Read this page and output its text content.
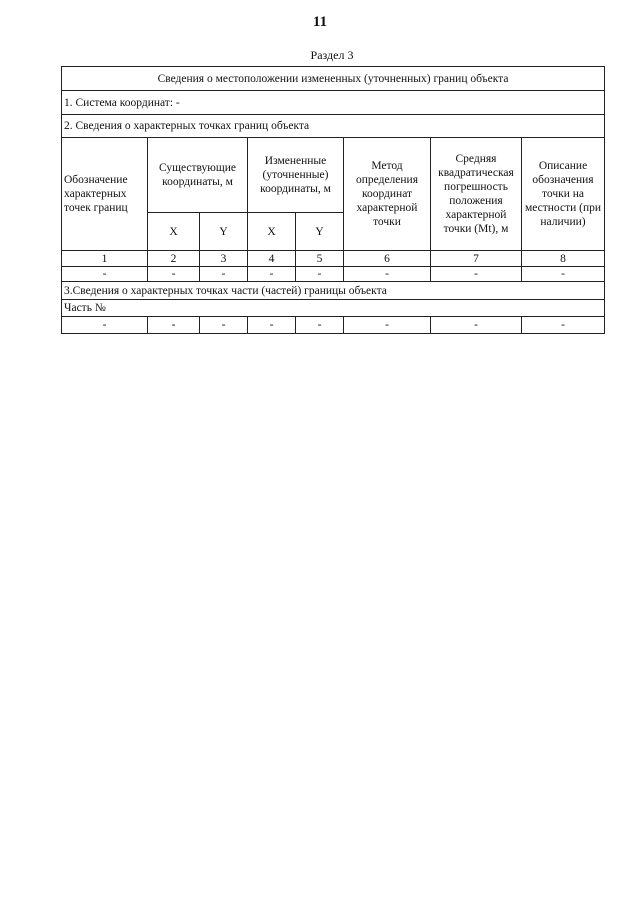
11
Раздел 3
Сведения о местоположении измененных (уточненных) границ объекта							
1. Система координат: -							
2. Сведения о характерных точках границ объекта							
Обозначение характерных точек границ	Существующие координаты, м		Измененные (уточненные) координаты, м		Метод определения координат характерной точки	Средняя квадратическая погрешность положения характерной точки (Mt), м	Описание обозначения точки на местности (при наличии)
	X	Y	X	Y			
1	2	3	4	5	6	7	8
-	-	-	-	-	-	-	-
3.Сведения о характерных точках части (частей) границы объекта							
Часть №							
-	-	-	-	-	-	-	-
